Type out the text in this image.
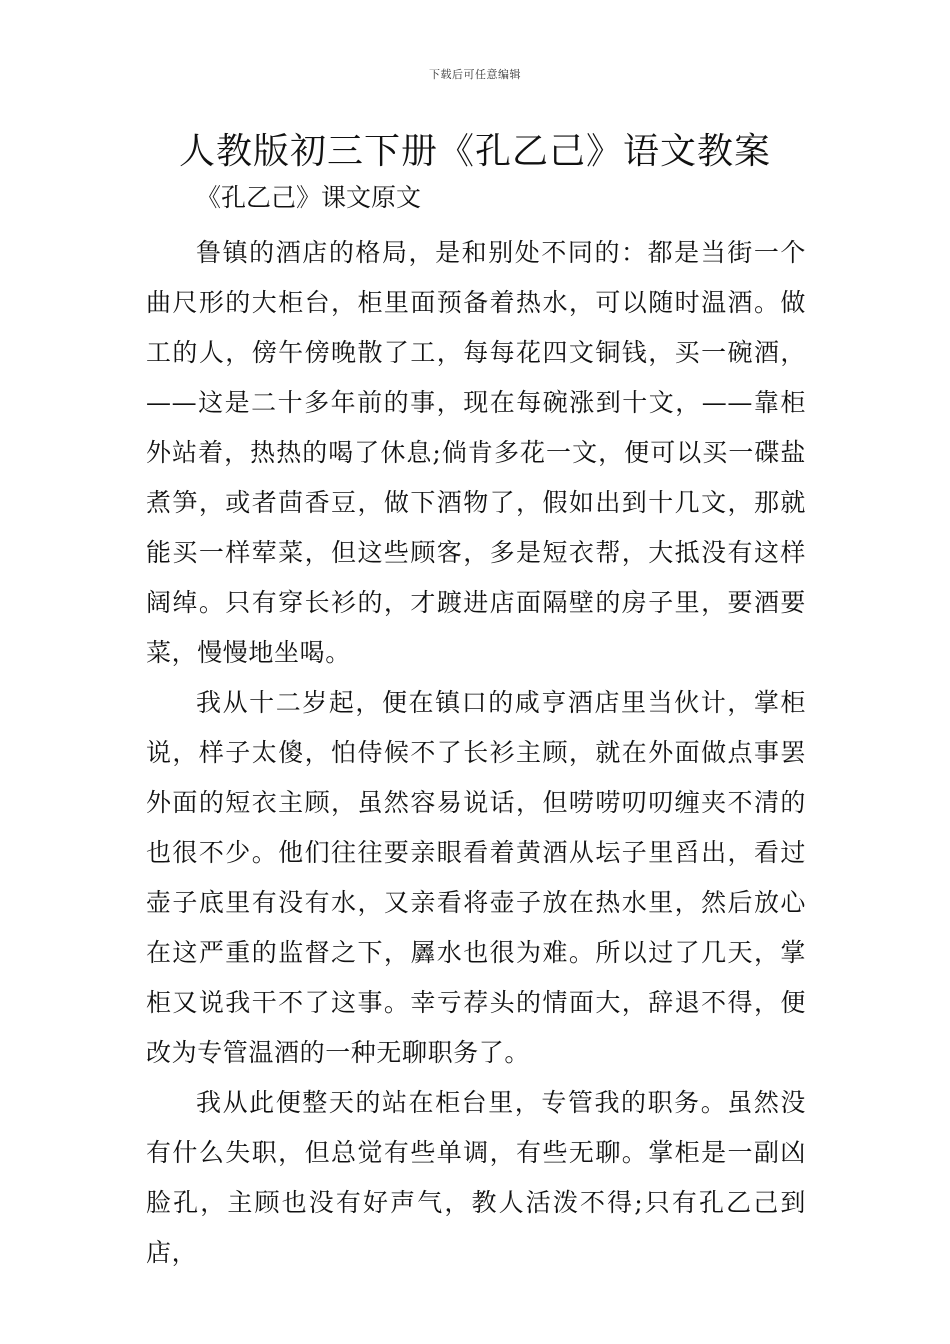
下载后可任意编辑
人教版初三下册《孔乙己》语文教案

《孔乙己》课文原文

鲁镇的酒店的格局，是和别处不同的：都是当街一个曲尺形的大柜台，柜里面预备着热水，可以随时温酒。做工的人，傍午傍晚散了工，每每花四文铜钱，买一碗酒，——这是二十多年前的事，现在每碗涨到十文，——靠柜外站着，热热的喝了休息;倘肯多花一文，便可以买一碟盐煮笋，或者茴香豆，做下酒物了，假如出到十几文，那就能买一样荤菜，但这些顾客，多是短衣帮，大抵没有这样阔绰。只有穿长衫的，才踱进店面隔壁的房子里，要酒要菜，慢慢地坐喝。

我从十二岁起，便在镇口的咸亨酒店里当伙计，掌柜说，样子太傻，怕侍候不了长衫主顾，就在外面做点事罢外面的短衣主顾，虽然容易说话，但唠唠叨叨缠夹不清的也很不少。他们往往要亲眼看着黄酒从坛子里舀出，看过壶子底里有没有水，又亲看将壶子放在热水里，然后放心在这严重的监督之下，羼水也很为难。所以过了几天，掌柜又说我干不了这事。幸亏荐头的情面大，辞退不得，便改为专管温酒的一种无聊职务了。

我从此便整天的站在柜台里，专管我的职务。虽然没有什么失职，但总觉有些单调，有些无聊。掌柜是一副凶脸孔，主顾也没有好声气，教人活泼不得;只有孔乙己到店，
